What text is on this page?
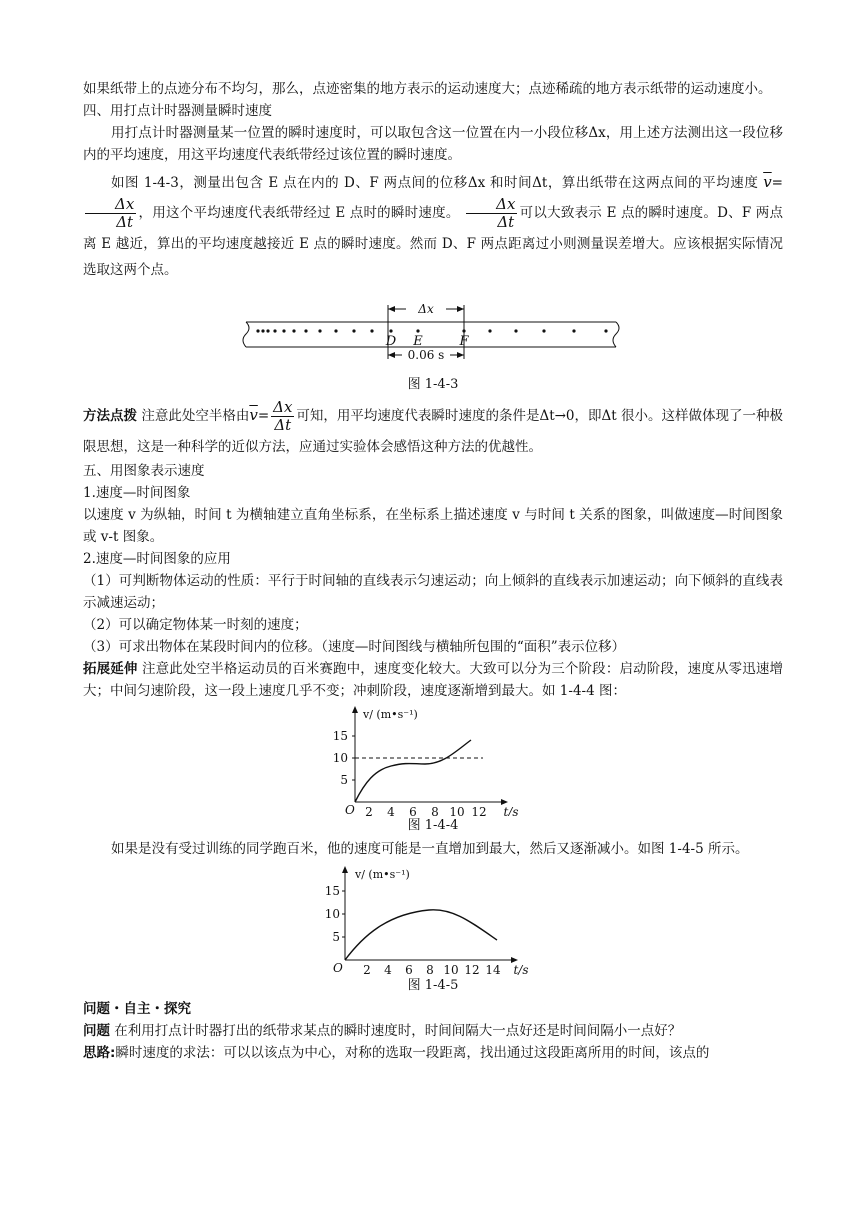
如果纸带上的点迹分布不均匀，那么，点迹密集的地方表示的运动速度大；点迹稀疏的地方表示纸带的运动速度小。

四、用打点计时器测量瞬时速度

用打点计时器测量某一位置的瞬时速度时，可以取包含这一位置在内一小段位移Δx，用上述方法测出这一段位移内的平均速度，用这平均速度代表纸带经过该位置的瞬时速度。

如图 1-4-3，测量出包含 E 点在内的 D、F 两点间的位移Δx 和时间Δt，算出纸带在这两点间的平均速度 $\overline{v}=$
$\frac{\Delta x}{\Delta t}$ ，用这个平均速度代表纸带经过 E 点时的瞬时速度。 $\frac{\Delta x}{\Delta t}$ 可以大致表示 E 点的瞬时速度。D、F 两点离 E 越近，算出的平均速度越接近 E 点的瞬时速度。然而 D、F 两点距离过小则测量误差增大。应该根据实际情况选取这两个点。

Δx
0.06 s
D E	F

图 1-4-3

方法点拨 注意此处空半格由$\overline{v}= \frac{\Delta x}{\Delta t}$ 可知，用平均速度代表瞬时速度的条件是Δt→0，即Δt 很小。这样做体现了一种极限思想，这是一种科学的近似方法，应通过实验体会感悟这种方法的优越性。

五、用图象表示速度

1.速度—时间图象

以速度 v 为纵轴，时间 t 为横轴建立直角坐标系，在坐标系上描述速度 v 与时间 t 关系的图象，叫做速度—时间图象或 v-t 图象。

2.速度—时间图象的应用

（1）可判断物体运动的性质：平行于时间轴的直线表示匀速运动；向上倾斜的直线表示加速运动；向下倾斜的直线表示减速运动；

（2）可以确定物体某一时刻的速度；

（3）可求出物体在某段时间内的位移。（速度—时间图线与横轴所包围的“面积”表示位移）

拓展延伸 注意此处空半格运动员的百米赛跑中，速度变化较大。大致可以分为三个阶段：启动阶段，速度从零迅速增大；中间匀速阶段，这一段上速度几乎不变；冲刺阶段，速度逐渐增到最大。如 1-4-4 图：

15
10
5
O 2 4 6 8 10 12 t/s
v/ (m•s⁻¹)

图 1-4-4

如果是没有受过训练的同学跑百米，他的速度可能是一直增加到最大，然后又逐渐减小。如图 1-4-5 所示。

15
10
5
O 2 4 6 8 10 12 14 t/s
v/ (m•s⁻¹)

图 1-4-5

问题・自主・探究

问题 在利用打点计时器打出的纸带求某点的瞬时速度时，时间间隔大一点好还是时间间隔小一点好？

思路:瞬时速度的求法：可以以该点为中心，对称的选取一段距离，找出通过这段距离所用的时间，该点的
